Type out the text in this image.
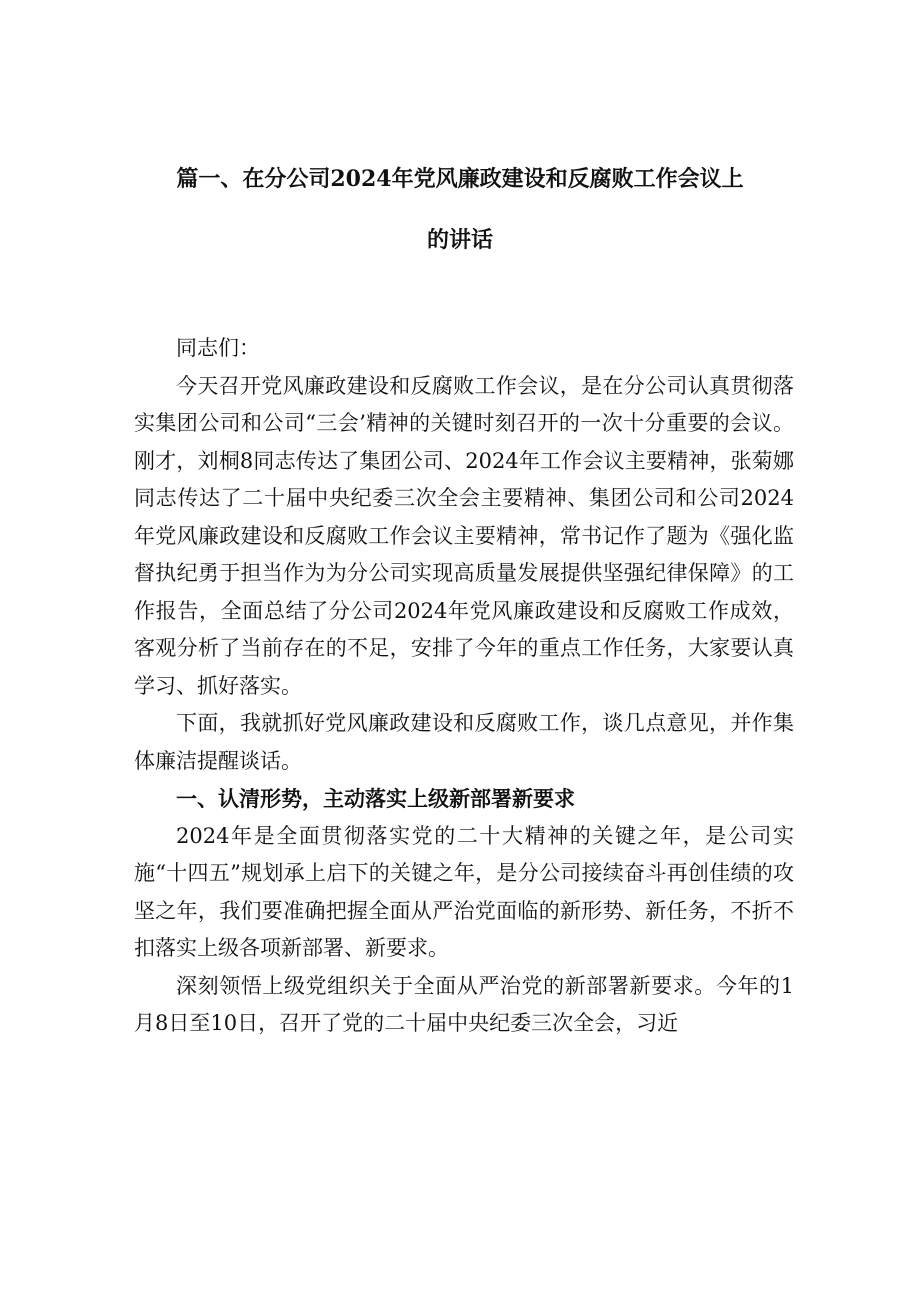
篇一、在分公司2024年党风廉政建设和反腐败工作会议上
的讲话

同志们：

今天召开党风廉政建设和反腐败工作会议，是在分公司认真贯彻落实集团公司和公司“三会’精神的关键时刻召开的一次十分重要的会议。刚才，刘桐8同志传达了集团公司、2024年工作会议主要精神，张菊娜同志传达了二十届中央纪委三次全会主要精神、集团公司和公司2024年党风廉政建设和反腐败工作会议主要精神，常书记作了题为《强化监督执纪勇于担当作为为分公司实现高质量发展提供坚强纪律保障》的工作报告，全面总结了分公司2024年党风廉政建设和反腐败工作成效，客观分析了当前存在的不足，安排了今年的重点工作任务，大家要认真学习、抓好落实。

下面，我就抓好党风廉政建设和反腐败工作，谈几点意见，并作集体廉洁提醒谈话。

一、认清形势，主动落实上级新部署新要求

2024年是全面贯彻落实党的二十大精神的关键之年，是公司实施“十四五”规划承上启下的关键之年，是分公司接续奋斗再创佳绩的攻坚之年，我们要准确把握全面从严治党面临的新形势、新任务，不折不扣落实上级各项新部署、新要求。

深刻领悟上级党组织关于全面从严治党的新部署新要求。今年的1月8日至10日，召开了党的二十届中央纪委三次全会，习近
